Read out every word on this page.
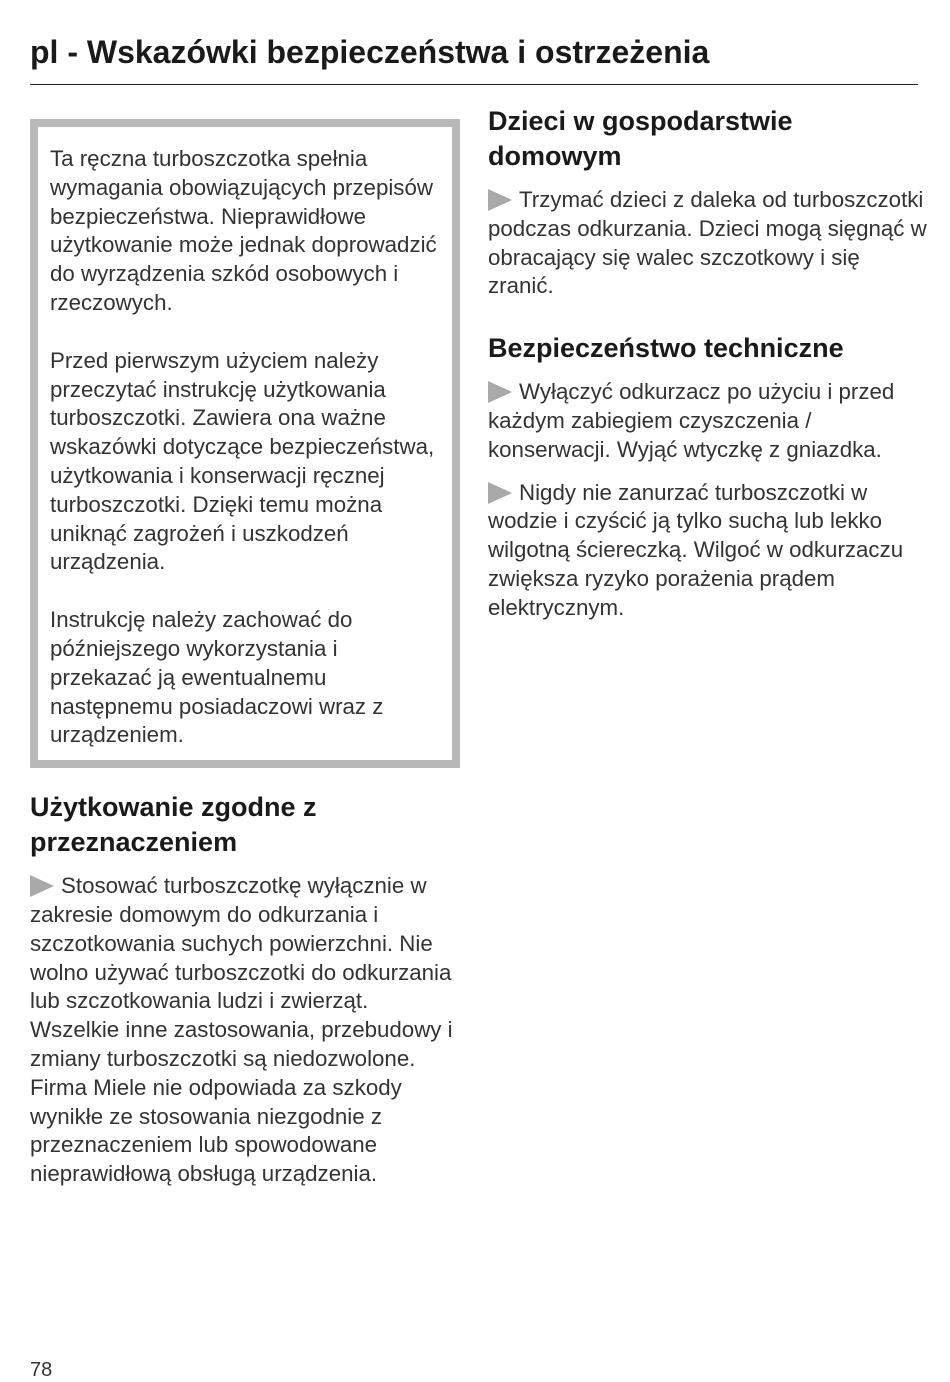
pl - Wskazówki bezpieczeństwa i ostrzeżenia

Ta ręczna turboszczotka spełnia wymagania obowiązujących przepisów bezpieczeństwa. Nieprawidłowe użytkowanie może jednak doprowadzić do wyrządzenia szkód osobowych i rzeczowych.

Przed pierwszym użyciem należy przeczytać instrukcję użytkowania turboszczotki. Zawiera ona ważne wskazówki dotyczące bezpieczeństwa, użytkowania i konserwacji ręcznej turboszczotki. Dzięki temu można uniknąć zagrożeń i uszkodzeń urządzenia.

Instrukcję należy zachować do późniejszego wykorzystania i przekazać ją ewentualnemu następnemu posiadaczowi wraz z urządzeniem.

Użytkowanie zgodne z przeznaczeniem

Stosować turboszczotkę wyłącznie w zakresie domowym do odkurzania i szczotkowania suchych powierzchni. Nie wolno używać turboszczotki do odkurzania lub szczotkowania ludzi i zwierząt.

Wszelkie inne zastosowania, przebudowy i zmiany turboszczotki są niedozwolone. Firma Miele nie odpowiada za szkody wynikłe ze stosowania niezgodnie z przeznaczeniem lub spowodowane nieprawidłową obsługą urządzenia.

Dzieci w gospodarstwie domowym

Trzymać dzieci z daleka od turboszczotki podczas odkurzania. Dzieci mogą sięgnąć w obracający się walec szczotkowy i się zranić.

Bezpieczeństwo techniczne

Wyłączyć odkurzacz po użyciu i przed każdym zabiegiem czyszczenia / konserwacji. Wyjąć wtyczkę z gniazdka.

Nigdy nie zanurzać turboszczotki w wodzie i czyścić ją tylko suchą lub lekko wilgotną ściereczką. Wilgoć w odkurzaczu zwiększa ryzyko porażenia prądem elektrycznym.

78
